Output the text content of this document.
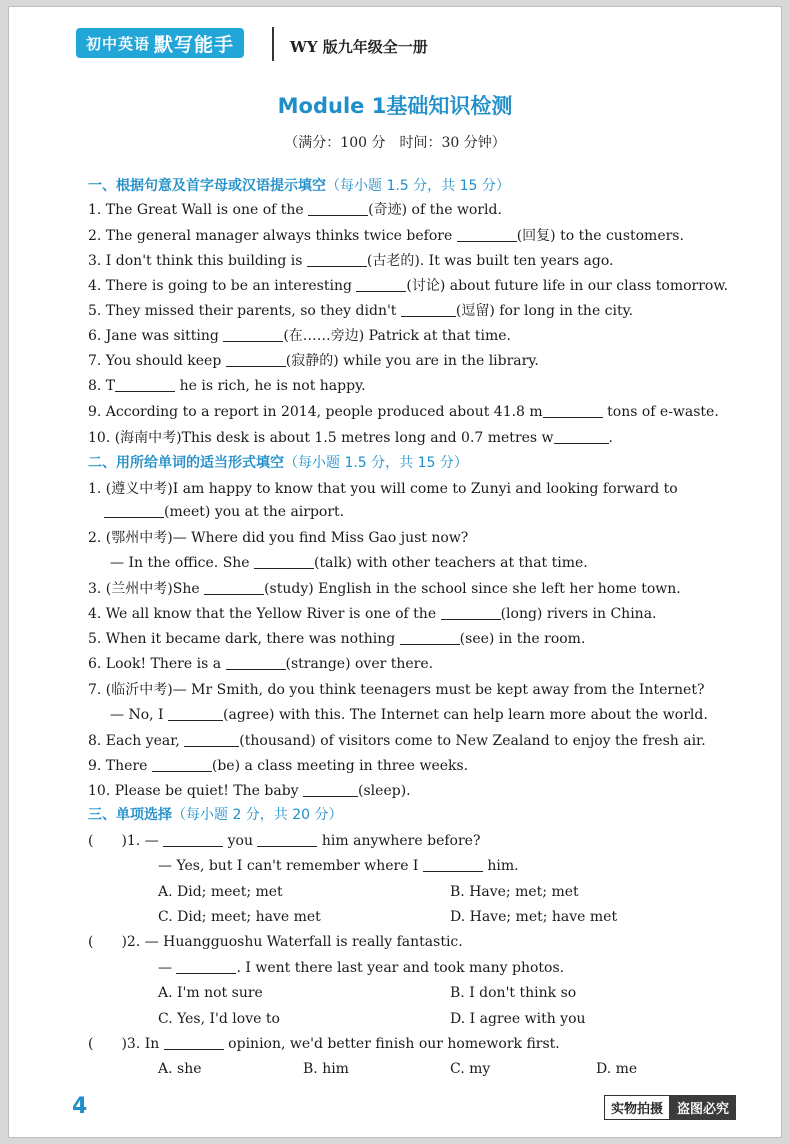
初中英语 默写能手	WY 版九年级全一册
Module 1基础知识检测
（满分：100 分　时间：30 分钟）
一、根据句意及首字母或汉语提示填空（每小题 1.5 分，共 15 分）
1. The Great Wall is one of the	(奇迹) of the world.
2. The general manager always thinks twice before	(回复) to the customers.
3. I don't think this building is	(古老的). It was built ten years ago.
4. There is going to be an interesting	(讨论) about future life in our class tomorrow.
5. They missed their parents, so they didn't	(逗留) for long in the city.
6. Jane was sitting	(在……旁边) Patrick at that time.
7. You should keep	(寂静的) while you are in the library.
8. T	he is rich, he is not happy.
9. According to a report in 2014, people produced about 41.8 m	tons of e-waste.
10. (海南中考)This desk is about 1.5 metres long and 0.7 metres w	.
二、用所给单词的适当形式填空（每小题 1.5 分，共 15 分）
1. (遵义中考)I am happy to know that you will come to Zunyi and looking forward to
(meet) you at the airport.
2. (鄂州中考)— Where did you find Miss Gao just now?
— In the office. She	(talk) with other teachers at that time.
3. (兰州中考)She	(study) English in the school since she left her home town.
4. We all know that the Yellow River is one of the	(long) rivers in China.
5. When it became dark, there was nothing	(see) in the room.
6. Look! There is a	(strange) over there.
7. (临沂中考)— Mr Smith, do you think teenagers must be kept away from the Internet?
— No, I	(agree) with this. The Internet can help learn more about the world.
8. Each year,	(thousand) of visitors come to New Zealand to enjoy the fresh air.
9. There	(be) a class meeting in three weeks.
10. Please be quiet! The baby	(sleep).
三、单项选择（每小题 2 分，共 20 分）
(　　)1. —	you	him anywhere before?
— Yes, but I can't remember where I	him.
A. Did; meet; met	B. Have; met; met
C. Did; meet; have met	D. Have; met; have met
(　　)2. — Huangguoshu Waterfall is really fantastic.
—	. I went there last year and took many photos.
A. I'm not sure	B. I don't think so
C. Yes, I'd love to	D. I agree with you
(　　)3. In	opinion, we'd better finish our homework first.
A. she	B. him	C. my	D. me
4	实物拍摄	盗图必究
